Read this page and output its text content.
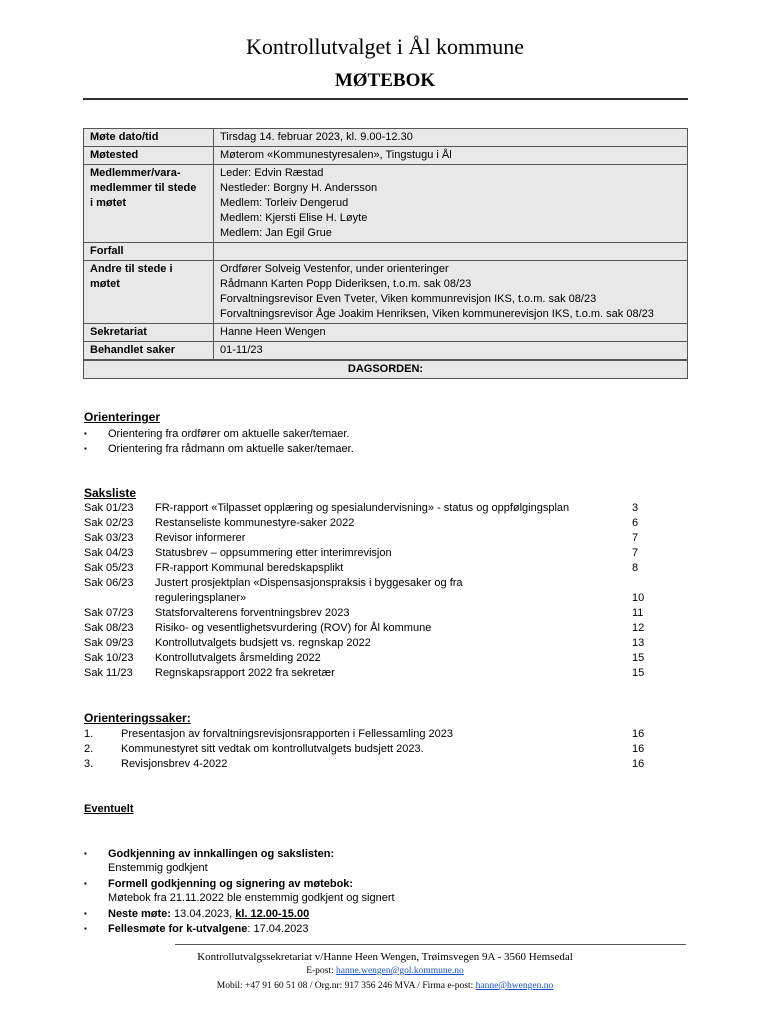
Kontrollutvalget i Ål kommune
MØTEBOK
Møte dato/tid	Tirsdag 14. februar 2023, kl. 9.00-12.30

Møtested	Møterom «Kommunestyresalen», Tingstugu i Ål

Medlemmer/vara-
medlemmer til stede
i møtet	Leder: Edvin Ræstad
Nestleder: Borgny H. Andersson
Medlem: Torleiv Dengerud
Medlem: Kjersti Elise H. Løyte
Medlem: Jan Egil Grue

Forfall	

Andre til stede i
møtet	Ordfører Solveig Vestenfor, under orienteringer
Rådmann Karten Popp Dideriksen, t.o.m. sak 08/23
Forvaltningsrevisor Even Tveter, Viken kommunrevisjon IKS, t.o.m. sak 08/23
Forvaltningsrevisor Åge Joakim Henriksen, Viken kommunerevisjon IKS, t.o.m. sak 08/23

Sekretariat	Hanne Heen Wengen

Behandlet saker	01-11/23
DAGSORDEN:
Orienteringer
▪ Orientering fra ordfører om aktuelle saker/temaer.
▪ Orientering fra rådmann om aktuelle saker/temaer.
Saksliste
Sak 01/23 FR-rapport «Tilpasset opplæring og spesialundervisning» - status og oppfølgingsplan	3
Sak 02/23 Restanseliste kommunestyre-saker 2022	6
Sak 03/23 Revisor informerer	7
Sak 04/23 Statusbrev – oppsummering etter interimrevisjon	7
Sak 05/23 FR-rapport Kommunal beredskapsplikt	8
Sak 06/23 Justert prosjektplan «Dispensasjonspraksis i byggesaker og fra
reguleringsplaner»	10
Sak 07/23 Statsforvalterens forventningsbrev 2023	11
Sak 08/23 Risiko- og vesentlighetsvurdering (ROV) for Ål kommune	12
Sak 09/23 Kontrollutvalgets budsjett vs. regnskap 2022	13
Sak 10/23 Kontrollutvalgets årsmelding 2022	15
Sak 11/23 Regnskapsrapport 2022 fra sekretær	15
Orienteringssaker:
1.	Presentasjon av forvaltningsrevisjonsrapporten i Fellessamling 2023	16
2.	Kommunestyret sitt vedtak om kontrollutvalgets budsjett 2023.	16
3.	Revisjonsbrev 4-2022	16
Eventuelt
▪ Godkjenning av innkallingen og sakslisten:
Enstemmig godkjent
▪ Formell godkjenning og signering av møtebok:
Møtebok fra 21.11.2022 ble enstemmig godkjent og signert
▪ Neste møte: 13.04.2023, kl. 12.00-15.00
▪ Fellesmøte for k-utvalgene: 17.04.2023
Kontrollutvalgssekretariat v/Hanne Heen Wengen, Trøimsvegen 9A - 3560 Hemsedal
E-post: hanne.wengen@gol.kommune.no
Mobil: +47 91 60 51 08 / Org.nr: 917 356 246 MVA / Firma e-post: hanne@hwengen.no
